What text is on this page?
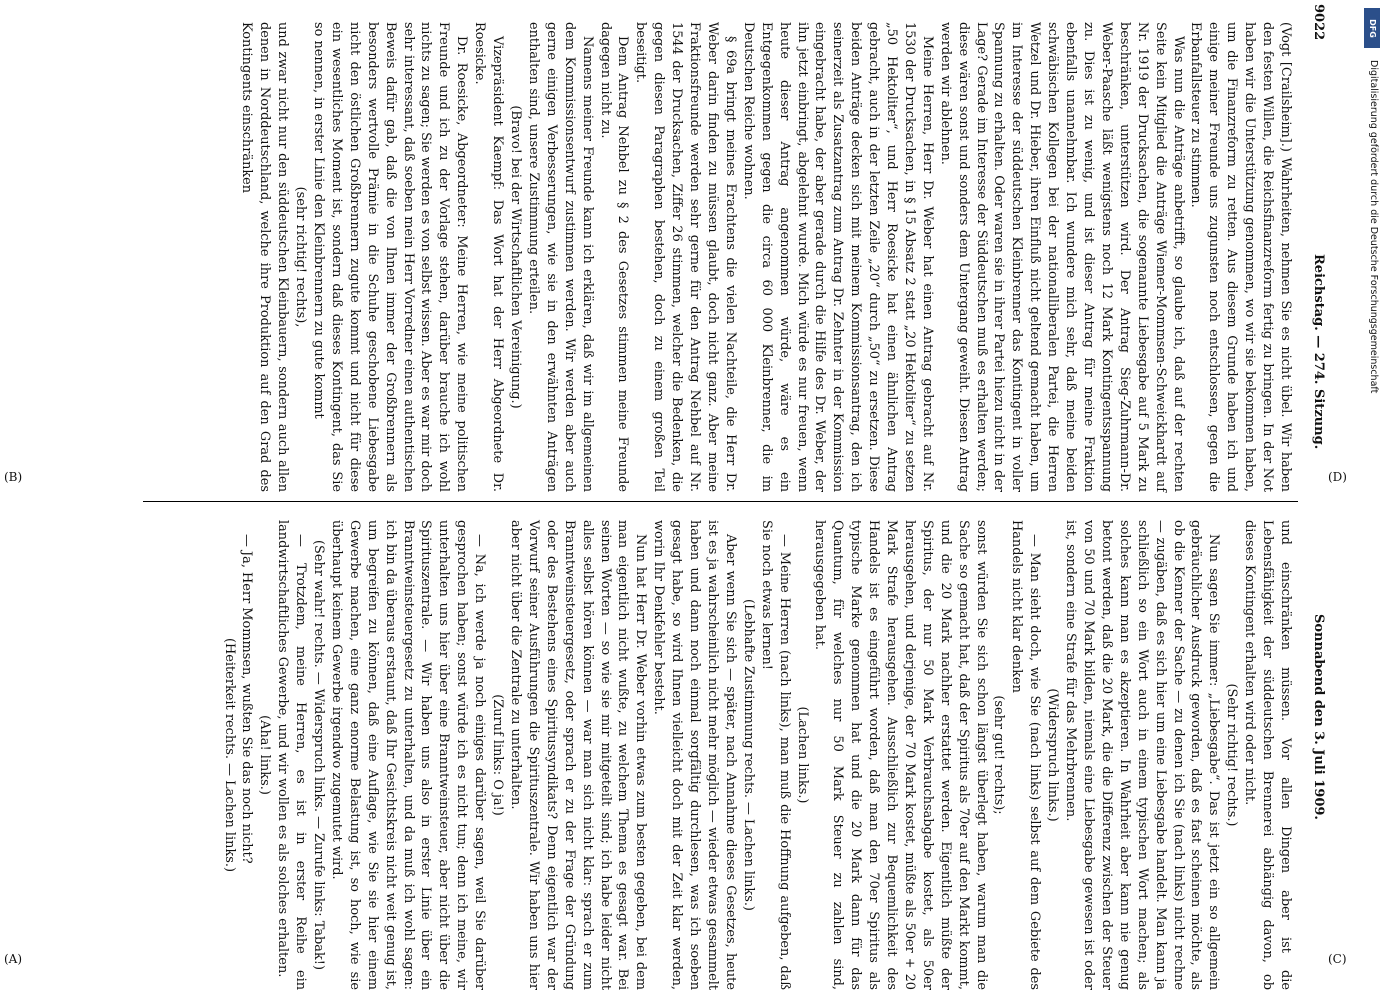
9022
Reichstag. — 274. Sitzung.
Sonnabend den 3. Juli 1909.

(Vogt [Crailsheim].) Wahrheiten, nehmen Sie es nicht übel. Wir haben den festen Willen, die Reichsfinanzreform fertig zu bringen. In der Not haben wir die Unterstützung genommen, wo wir sie bekommen haben, um die Finanzreform zu retten. Aus diesem Grunde haben ich und einige meiner Freunde uns zugunsten noch entschlossen, gegen die Erbanfallsteuer zu stimmen.

Was nun die Anträge anbetrifft, so glaube ich, daß auf der rechten Seite kein Mitglied die Anträge Wiemer-Mommsen-Schweickhardt auf Nr. 1919 der Drucksachen, die sogenannte Liebesgabe auf 5 Mark zu beschränken, unterstützen wird. Der Antrag Sieg-Zuhrmann-Dr. Weber-Paasche läßt wenigstens noch 12 Mark Kontingentsspannung zu. Dies ist zu wenig, und ist dieser Antrag für meine Fraktion ebenfalls unannehmbar. Ich wundere mich sehr, daß meine beiden schwäbischen Kollegen bei der nationalliberalen Partei, die Herren Wetzel und Dr. Hieber, ihren Einfluß nicht geltend gemacht haben, um im Interesse der süddeutschen Kleinbrenner das Kontingent in voller Spannung zu erhalten. Oder waren sie in ihrer Partei hiezu nicht in der Lage? Gerade im Interesse der Süddeutschen muß es erhalten werden; diese wären sonst und sonders dem Untergang geweiht. Diesen Antrag werden wir ablehnen.

Meine Herren, Herr Dr. Weber hat einen Antrag gebracht auf Nr. 1530 der Drucksachen, in § 15 Absatz 2 statt „20 Hektoliter“ zu setzen „50 Hektoliter“, und Herr Roesicke hat einen ähnlichen Antrag gebracht, auch in der letzten Zeile „20“ durch „50“ zu ersetzen. Diese beiden Anträge decken sich mit meinem Kommissionsantrag, den ich seinerzeit als Zusatzantrag zum Antrag Dr. Zehnter in der Kommission eingebracht habe, der aber gerade durch die Hilfe des Dr. Weber, der ihn jetzt einbringt, abgelehnt wurde. Mich würde es nur freuen, wenn heute dieser Antrag angenommen würde, wäre es ein Entgegenkommen gegen die circa 60 000 Kleinbrenner, die im Deutschen Reiche wohnen.

§ 69a bringt meines Erachtens die vielen Nachteile, die Herr Dr. Weber darin finden zu müssen glaubt, doch nicht ganz. Aber meine Fraktionsfreunde werden sehr gerne für den Antrag Nehbel auf Nr. 1544 der Drucksachen, Ziffer 26 stimmen, welcher die Bedenken, die gegen diesen Paragraphen bestehen, doch zu einem großen Teil beseitigt.

Dem Antrag Nehbel zu § 2 des Gesetzes stimmen meine Freunde dagegen nicht zu.

Namens meiner Freunde kann ich erklären, daß wir im allgemeinen dem Kommissionsentwurf zustimmen werden. Wir werden aber auch gerne einigen Verbesserungen, wie sie in den erwähnten Anträgen enthalten sind, unsere Zustimmung erteilen.

(Bravo! bei der Wirtschaftlichen Vereinigung.)

Vizepräsident Kaempf: Das Wort hat der Herr Abgeordnete Dr. Roesicke.

Dr. Roesicke, Abgeordneter: Meine Herren, wie meine politischen Freunde und ich zu der Vorlage stehen, darüber brauche ich wohl nichts zu sagen; Sie werden es von selbst wissen. Aber es war mir doch sehr interessant, daß soeben mein Herr Vorredner einen authentischen Beweis dafür gab, daß die von Ihnen immer der Großbrennern als besonders wertvolle Prämie in die Schuhe geschobene Liebesgabe nicht den östlichen Großbrennern zugute kommt und nicht für diese ein wesentliches Moment ist, sondern daß dieses Kontingent, das Sie so nennen, in erster Linie den Kleinbrennern zu gute kommt

(sehr richtig! rechts),

und zwar nicht nur den süddeutschen Kleinbauern, sondern auch allen denen in Norddeutschland, welche ihre Produktion auf den Grad des Kontingents einschränken

und einschränken müssen. Vor allen Dingen aber ist die Lebensfähigkeit der süddeutschen Brennerei abhängig davon, ob dieses Kontingent erhalten wird oder nicht.

(Sehr richtig! rechts.)

Nun sagen Sie immer: „Liebesgabe“. Das ist jetzt ein so allgemein gebräuchlicher Ausdruck geworden, daß es fast scheinen möchte, als ob die Kenner der Sache — zu denen ich Sie (nach links) nicht rechne — zugäben, daß es sich hier um eine Liebesgabe handelt. Man kann ja schließlich so ein Wort auch in einem typischen Wort machen; als solches kann man es akzeptieren. In Wahrheit aber kann nie genug betont werden, daß die 20 Mark, die die Differenz zwischen der Steuer von 50 und 70 Mark bilden, niemals eine Liebesgabe gewesen ist oder ist, sondern eine Strafe für das Mehrbrennen.

(Widerspruch links.)

— Man sieht doch, wie Sie (nach links) selbst auf dem Gebiete des Handels nicht klar denken

(sehr gut! rechts);

sonst würden Sie sich schon längst überlegt haben, warum man die Sache so gemacht hat, daß der Spiritus als 70er auf den Markt kommt, und die 20 Mark nachher erstattet werden. Eigentlich müßte der Spiritus, der nur 50 Mark Verbrauchsabgabe kostet, als 50er herausgehen, und derjenige, der 70 Mark kostet, müßte als 50er + 20 Mark Strafe herausgehen. Ausschließlich zur Bequemlichkeit des Handels ist es eingeführt worden, daß man den 70er Spiritus als typische Marke genommen hat und die 20 Mark dann für das Quantum, für welches nur 50 Mark Steuer zu zahlen sind, herausgegeben hat.

(Lachen links.)

— Meine Herren (nach links), man muß die Hoffnung aufgeben, daß Sie noch etwas lernen!

(Lebhafte Zustimmung rechts. — Lachen links.)

Aber wenn Sie sich — später, nach Annahme dieses Gesetzes, heute ist es ja wahrscheinlich nicht mehr möglich — wieder etwas gesammelt haben und dann noch einmal sorgfältig durchlesen, was ich soeben gesagt habe, so wird Ihnen vielleicht doch mit der Zeit klar werden, worin Ihr Denkfehler besteht.

Nun hat Herr Dr. Weber vorhin etwas zum besten gegeben, bei dem man eigentlich nicht wußte, zu welchem Thema es gesagt war. Bei seinen Worten — so wie sie mir mitgeteilt sind; ich habe leider nicht alles selbst hören können — war man sich nicht klar: sprach er zum Branntweinsteuergesetz, oder sprach er zu der Frage der Gründung oder des Bestehens eines Spiritussyndikats? Denn eigentlich war der Vorwurf seiner Ausführungen die Spirituszentrale. Wir haben uns hier aber nicht über die Zentrale zu unterhalten.

(Zuruf links: O ja!)

— Na, ich werde ja noch einiges darüber sagen, weil Sie darüber gesprochen haben; sonst würde ich es nicht tun; denn ich meine, wir unterhalten uns hier über eine Branntweinsteuer, aber nicht über die Spirituszentrale. — Wir haben uns also in erster Linie über ein Branntweinsteuergesetz zu unterhalten, und da muß ich wohl sagen: ich bin da überaus erstaunt, daß Ihr Gesichtskreis nicht weit genug ist, um begreifen zu können, daß eine Auflage, wie Sie sie hier einem Gewerbe machen, eine ganz enorme Belastung ist, so hoch, wie sie überhaupt keinem Gewerbe irgendwo zugemutet wird.

(Sehr wahr! rechts. — Widerspruch links. — Zurufe links: Tabak!)

— Trotzdem, meine Herren, es ist in erster Reihe ein landwirtschaftliches Gewerbe, und wir wollen es als solches erhalten.

(Aha! links.)

— Ja, Herr Mommsen, wußten Sie das noch nicht?

(Heiterkeit rechts. — Lachen links.)

(A)
(B)
(C)
(D)
DFG
Digitalisierung gefördert durch die Deutsche Forschungsgemeinschaft
